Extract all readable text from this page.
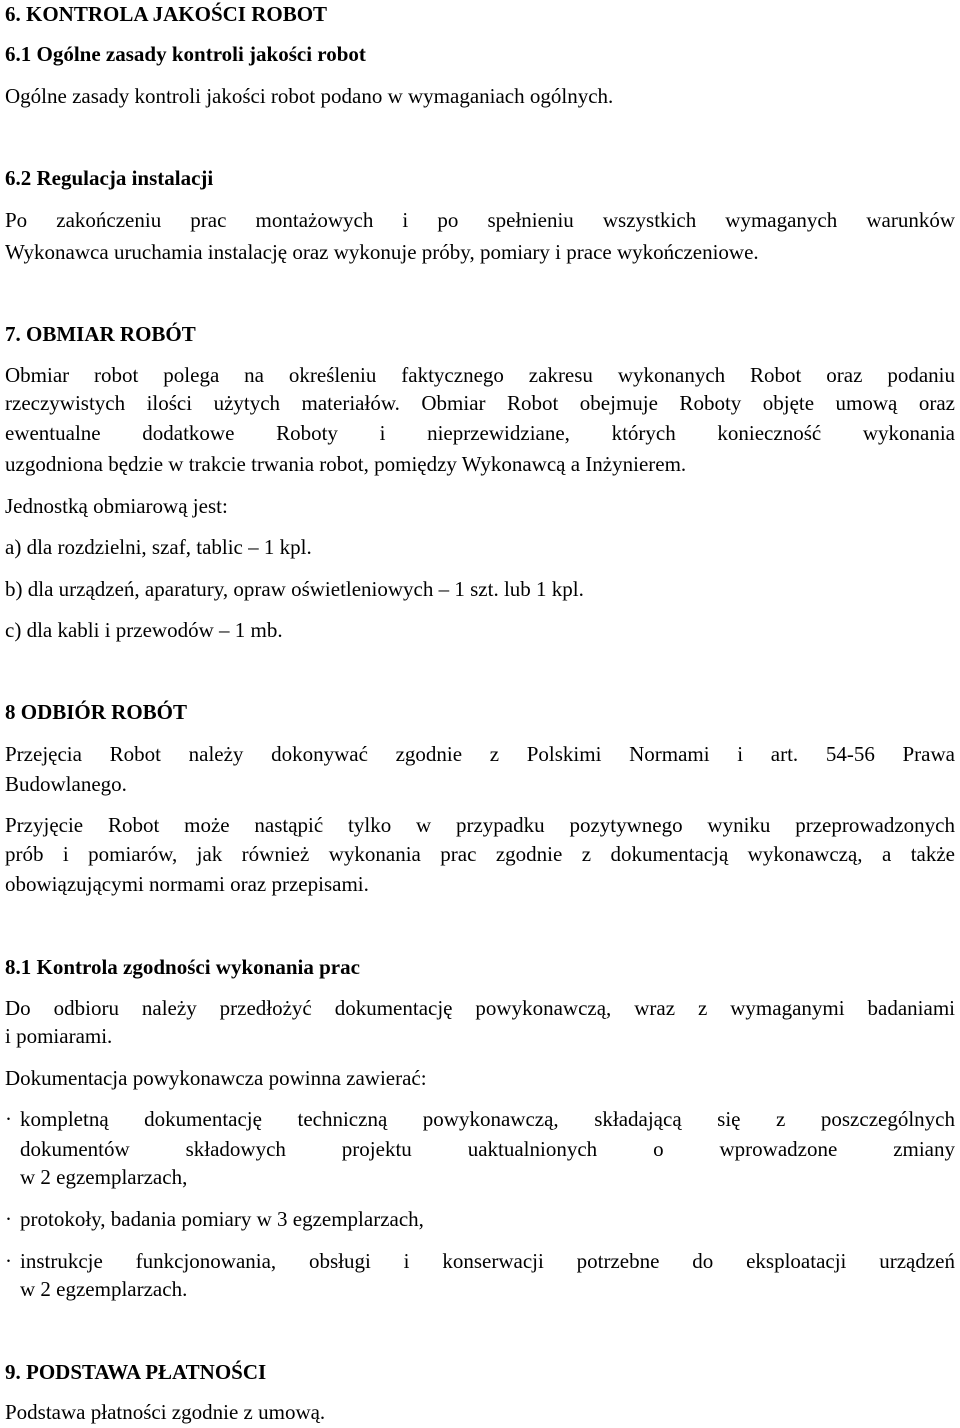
6. KONTROLA JAKOŚCI ROBOT
6.1 Ogólne zasady kontroli jakości robot
Ogólne zasady kontroli jakości robot podano w wymaganiach ogólnych.
6.2 Regulacja instalacji
Po zakończeniu prac montażowych i po spełnieniu wszystkich wymaganych warunków
Wykonawca uruchamia instalację oraz wykonuje próby, pomiary i prace wykończeniowe.
7. OBMIAR ROBÓT
Obmiar robot polega na określeniu faktycznego zakresu wykonanych Robot oraz podaniu
rzeczywistych ilości użytych materiałów. Obmiar Robot obejmuje Roboty objęte umową oraz
ewentualne dodatkowe Roboty i nieprzewidziane, których konieczność wykonania
uzgodniona będzie w trakcie trwania robot, pomiędzy Wykonawcą a Inżynierem.
Jednostką obmiarową jest:
a) dla rozdzielni, szaf, tablic – 1 kpl.
b) dla urządzeń, aparatury, opraw oświetleniowych – 1 szt. lub 1 kpl.
c) dla kabli i przewodów – 1 mb.
8 ODBIÓR ROBÓT
Przejęcia Robot należy dokonywać zgodnie z Polskimi Normami i art. 54-56 Prawa
Budowlanego.
Przyjęcie Robot może nastąpić tylko w przypadku pozytywnego wyniku przeprowadzonych
prób i pomiarów, jak również wykonania prac zgodnie z dokumentacją wykonawczą, a także
obowiązującymi normami oraz przepisami.
8.1 Kontrola zgodności wykonania prac
Do odbioru należy przedłożyć dokumentację powykonawczą, wraz z wymaganymi badaniami
i pomiarami.
Dokumentacja powykonawcza powinna zawierać:
· kompletną dokumentację techniczną powykonawczą, składającą się z poszczególnych
dokumentów składowych projektu uaktualnionych o wprowadzone zmiany
w 2 egzemplarzach,
· protokoły, badania pomiary w 3 egzemplarzach,
· instrukcje funkcjonowania, obsługi i konserwacji potrzebne do eksploatacji urządzeń
w 2 egzemplarzach.
9. PODSTAWA PŁATNOŚCI
Podstawa płatności zgodnie z umową.
